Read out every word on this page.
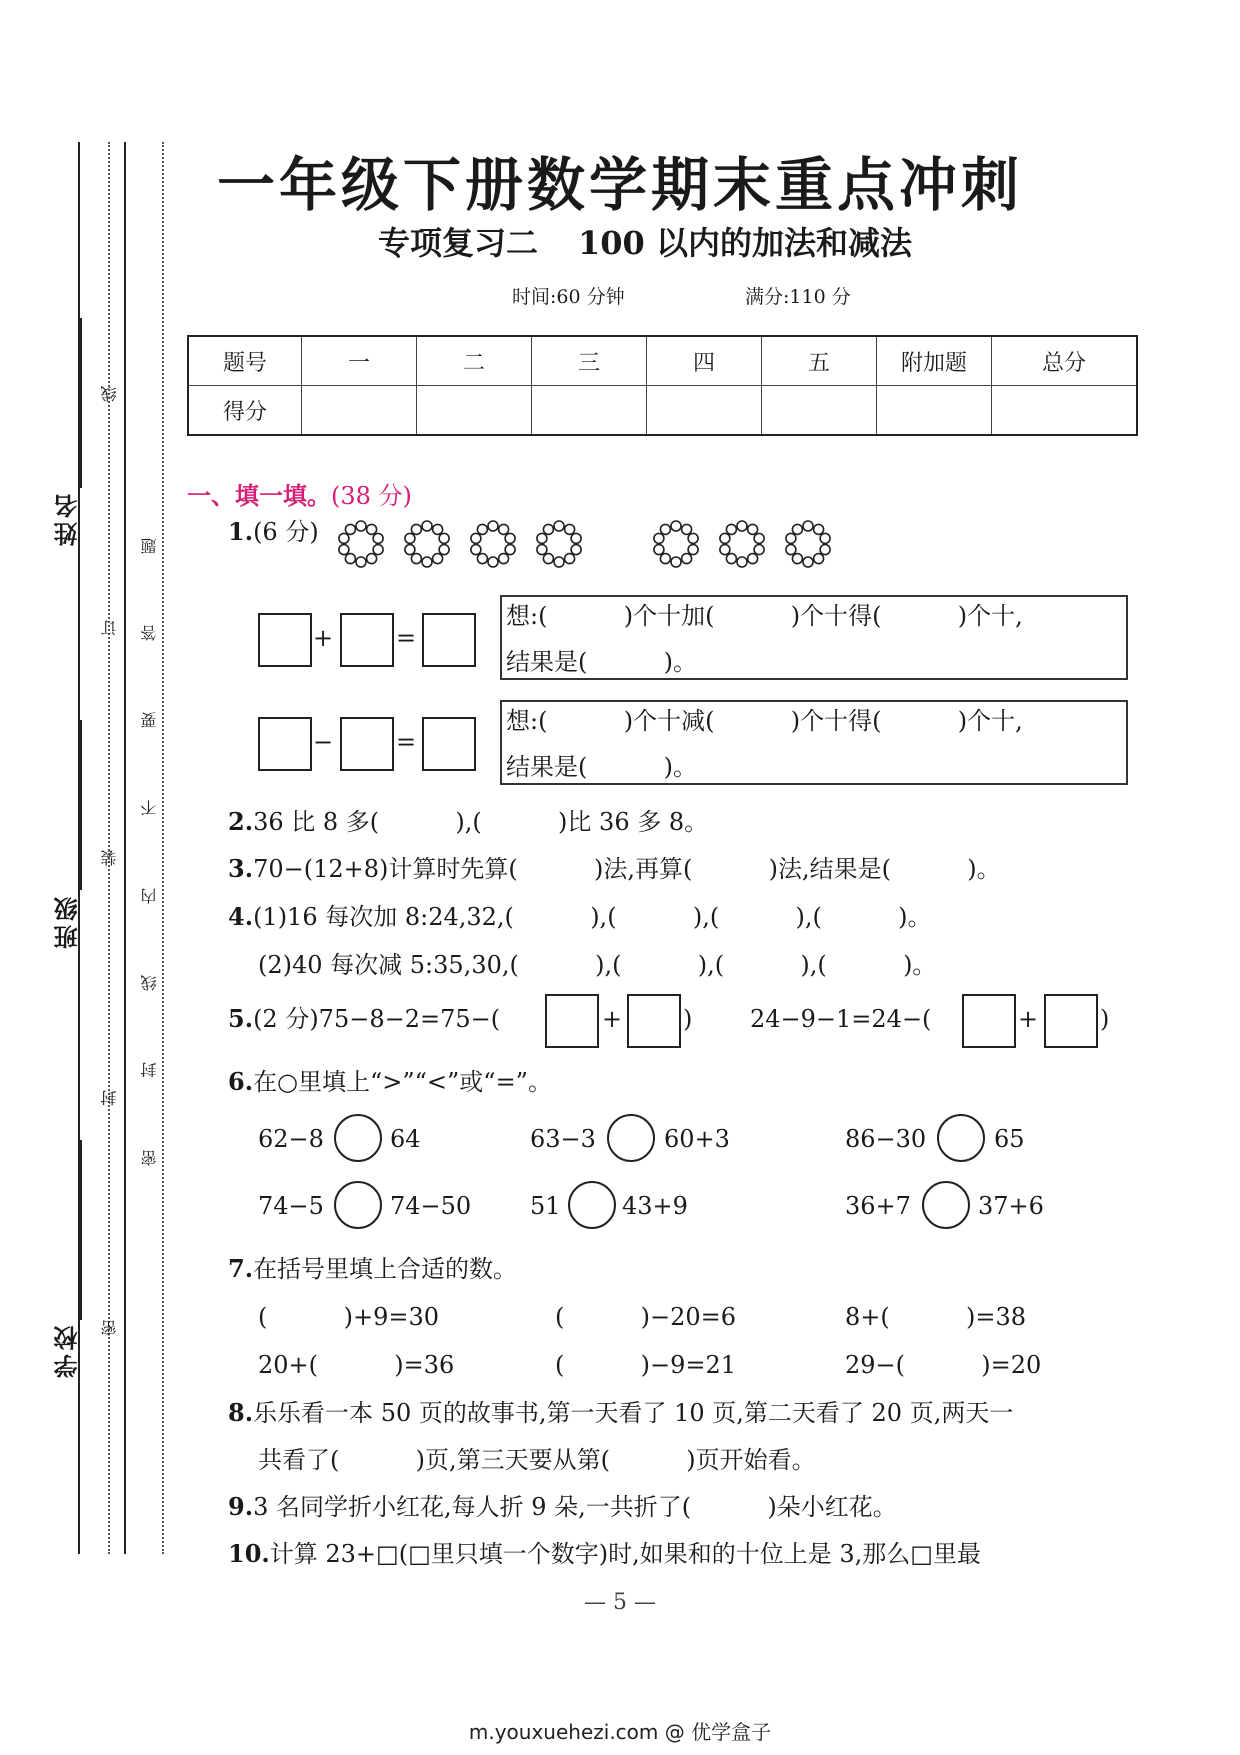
姓名
班级
学校
线
订
装
封
密
题
答
要
不
内
线
封
密
一年级下册数学期末重点冲刺
专项复习二 100 以内的加法和减法
时间:60 分钟	满分:110 分
题号	一	二	三	四	五	附加题	总分
得分							
一、填一填。(38 分)
1.(6 分)
+	=
想:(          )个十加(          )个十得(          )个十,
结果是(          )。
−	=
想:(          )个十减(          )个十得(          )个十,
结果是(          )。
2.36 比 8 多(          ),(          )比 36 多 8。
3.70−(12+8)计算时先算(          )法,再算(          )法,结果是(          )。
4.(1)16 每次加 8:24,32,(          ),(          ),(          ),(          )。
(2)40 每次减 5:35,30,(          ),(          ),(          ),(          )。
5.(2 分)75−8−2=75−(	+	) 24−9−1=24−(	+	)
6.在○里填上“>”“<”或“=”。
62−8	64	63−3	60+3	86−30	65
74−5	74−50 51	43+9	36+7	37+6
7.在括号里填上合适的数。
(          )+9=30	(          )−20=6	8+(          )=38
20+(          )=36	(          )−9=21	29−(          )=20
8.乐乐看一本 50 页的故事书,第一天看了 10 页,第二天看了 20 页,两天一
共看了(          )页,第三天要从第(          )页开始看。
9.3 名同学折小红花,每人折 9 朵,一共折了(          )朵小红花。
10.计算 23+□(□里只填一个数字)时,如果和的十位上是 3,那么□里最
— 5 —
m.youxuehezi.com @ 优学盒子
